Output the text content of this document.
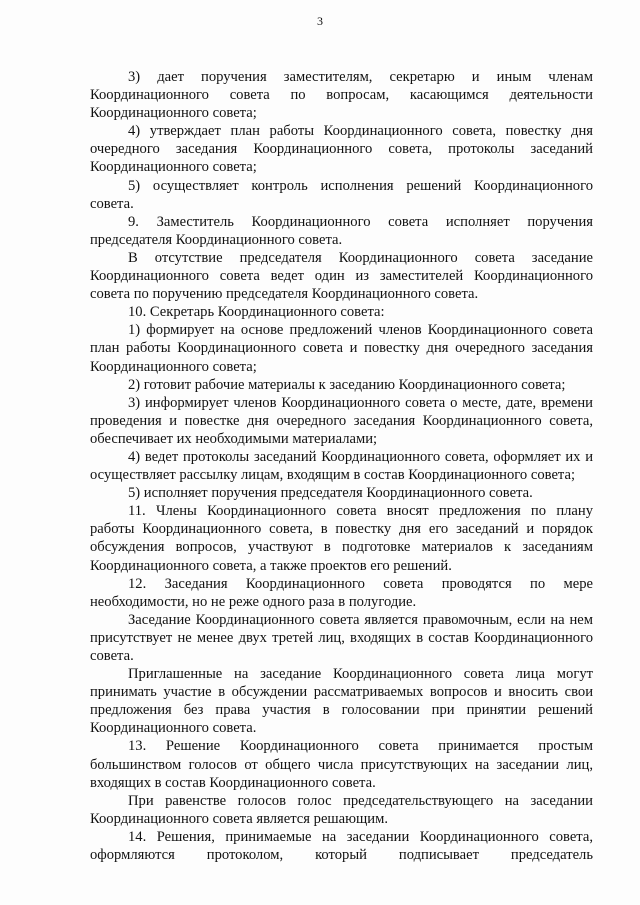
3

3) дает поручения заместителям, секретарю и иным членам Координационного совета по вопросам, касающимся деятельности Координационного совета;

4) утверждает план работы Координационного совета, повестку дня очередного заседания Координационного совета, протоколы заседаний Координационного совета;

5) осуществляет контроль исполнения решений Координационного совета.

9. Заместитель Координационного совета исполняет поручения председателя Координационного совета.

В отсутствие председателя Координационного совета заседание Координационного совета ведет один из заместителей Координационного совета по поручению председателя Координационного совета.

10. Секретарь Координационного совета:

1) формирует на основе предложений членов Координационного совета план работы Координационного совета и повестку дня очередного заседания Координационного совета;

2) готовит рабочие материалы к заседанию Координационного совета;

3) информирует членов Координационного совета о месте, дате, времени проведения и повестке дня очередного заседания Координационного совета, обеспечивает их необходимыми материалами;

4) ведет протоколы заседаний Координационного совета, оформляет их и осуществляет рассылку лицам, входящим в состав Координационного совета;

5) исполняет поручения председателя Координационного совета.

11. Члены Координационного совета вносят предложения по плану работы Координационного совета, в повестку дня его заседаний и порядок обсуждения вопросов, участвуют в подготовке материалов к заседаниям Координационного совета, а также проектов его решений.

12. Заседания Координационного совета проводятся по мере необходимости, но не реже одного раза в полугодие.

Заседание Координационного совета является правомочным, если на нем присутствует не менее двух третей лиц, входящих в состав Координационного совета.

Приглашенные на заседание Координационного совета лица могут принимать участие в обсуждении рассматриваемых вопросов и вносить свои предложения без права участия в голосовании при принятии решений Координационного совета.

13. Решение Координационного совета принимается простым большинством голосов от общего числа присутствующих на заседании лиц, входящих в состав Координационного совета.

При равенстве голосов голос председательствующего на заседании Координационного совета является решающим.

14. Решения, принимаемые на заседании Координационного совета, оформляются протоколом, который подписывает председатель
